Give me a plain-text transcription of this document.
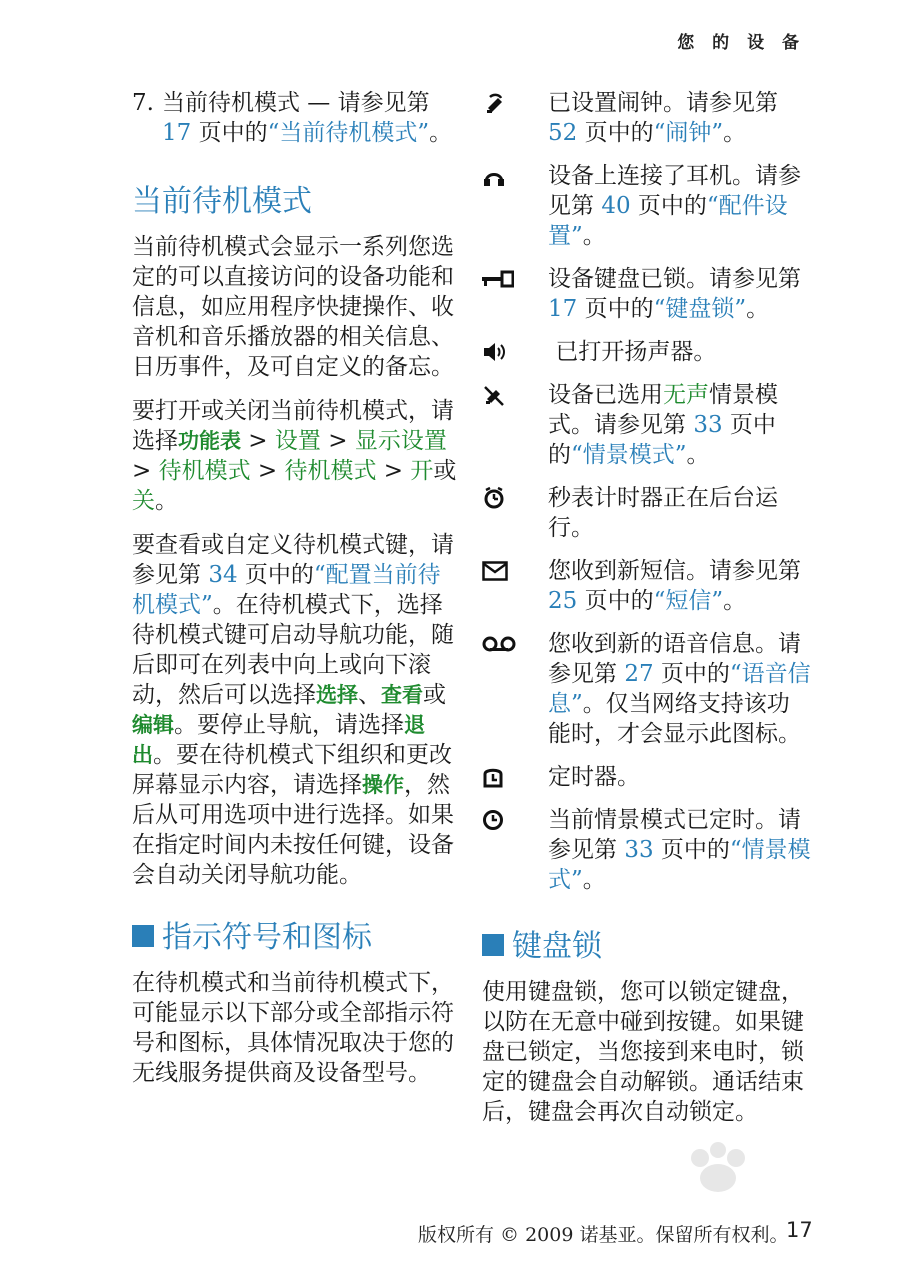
您 的 设 备
7. 当前待机模式 — 请参见第
17 页中的“当前待机模式”。
当前待机模式

当前待机模式会显示一系列您选定的可以直接访问的设备功能和信息，如应用程序快捷操作、收音机和音乐播放器的相关信息、日历事件，及可自定义的备忘。

要打开或关闭当前待机模式，请选择功能表 > 设置 > 显示设置 > 待机模式 > 待机模式 > 开或关。

要查看或自定义待机模式键，请参见第 34 页中的“配置当前待机模式”。在待机模式下，选择待机模式键可启动导航功能，随后即可在列表中向上或向下滚动，然后可以选择选择、查看或编辑。要停止导航，请选择退出。要在待机模式下组织和更改屏幕显示内容，请选择操作，然后从可用选项中进行选择。如果在指定时间内未按任何键，设备会自动关闭导航功能。

指示符号和图标

在待机模式和当前待机模式下，可能显示以下部分或全部指示符号和图标，具体情况取决于您的无线服务提供商及设备型号。

已设置闹钟。请参见第 52 页中的“闹钟”。
设备上连接了耳机。请参见第 40 页中的“配件设置”。
设备键盘已锁。请参见第 17 页中的“键盘锁”。
已打开扬声器。
设备已选用无声情景模式。请参见第 33 页中的“情景模式”。
秒表计时器正在后台运行。
您收到新短信。请参见第 25 页中的“短信”。
您收到新的语音信息。请参见第 27 页中的“语音信息”。仅当网络支持该功能时，才会显示此图标。
定时器。
当前情景模式已定时。请参见第 33 页中的“情景模式”。
键盘锁

使用键盘锁，您可以锁定键盘，以防在无意中碰到按键。如果键盘已锁定，当您接到来电时，锁定的键盘会自动解锁。通话结束后，键盘会再次自动锁定。

版权所有 © 2009 诺基亚。保留所有权利。
17
